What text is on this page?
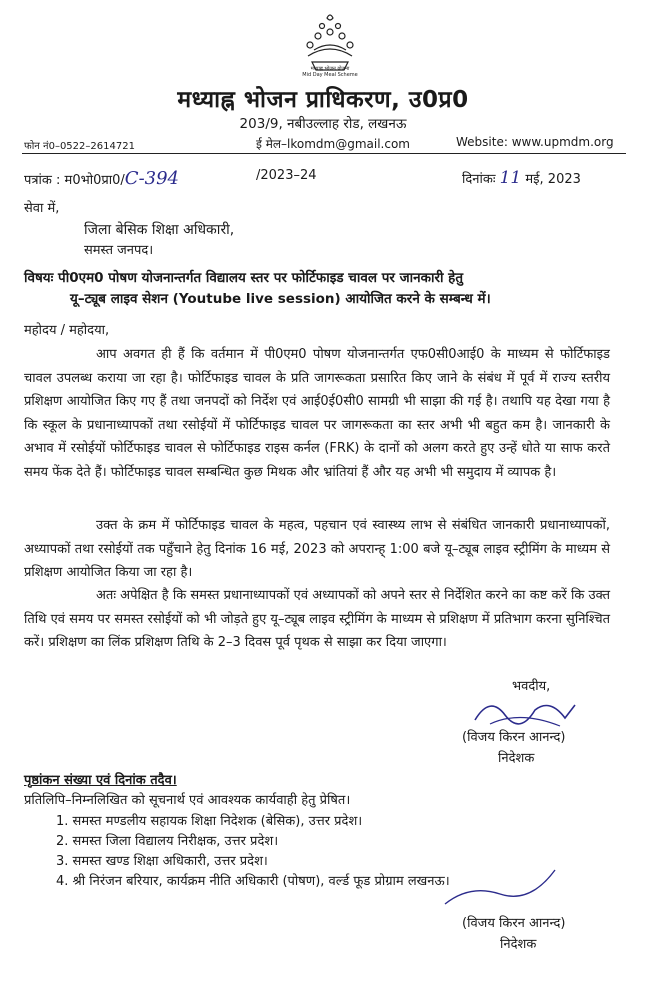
मध्याह्न भोजन योजना
Mid Day Meal Scheme
मध्याह्न भोजन प्राधिकरण, उ0प्र0
203/9, नबीउल्लाह रोड, लखनऊ
फोन नं0–0522–2614721	ई मेल–lkomdm@gmail.com	Website: www.upmdm.org
पत्रांक : म0भो0प्रा0/C-394	/2023–24	दिनांकः 11 मई, 2023
सेवा में,
जिला बेसिक शिक्षा अधिकारी,
समस्त जनपद।
विषयः पी0एम0 पोषण योजनान्तर्गत विद्यालय स्तर पर फोर्टिफाइड चावल पर जानकारी हेतु
यू–ट्यूब लाइव सेशन (Youtube live session) आयोजित करने के सम्बन्ध में।
महोदय / महोदया,
आप अवगत ही हैं कि वर्तमान में पी0एम0 पोषण योजनान्तर्गत एफ0सी0आई0 के माध्यम से फोर्टिफाइड चावल उपलब्ध कराया जा रहा है। फोर्टिफाइड चावल के प्रति जागरूकता प्रसारित किए जाने के संबंध में पूर्व में राज्य स्तरीय प्रशिक्षण आयोजित किए गए हैं तथा जनपदों को निर्देश एवं आई0ई0सी0 सामग्री भी साझा की गई है। तथापि यह देखा गया है कि स्कूल के प्रधानाध्यापकों तथा रसोईयों में फोर्टिफाइड चावल पर जागरूकता का स्तर अभी भी बहुत कम है। जानकारी के अभाव में रसोईयों फोर्टिफाइड चावल से फोर्टिफाइड राइस कर्नल (FRK) के दानों को अलग करते हुए उन्हें धोते या साफ करते समय फेंक देते हैं। फोर्टिफाइड चावल सम्बन्धित कुछ मिथक और भ्रांतियां हैं और यह अभी भी समुदाय में व्यापक है।
उक्त के क्रम में फोर्टिफाइड चावल के महत्व, पहचान एवं स्वास्थ्य लाभ से संबंधित जानकारी प्रधानाध्यापकों, अध्यापकों तथा रसोईयों तक पहुँचाने हेतु दिनांक 16 मई, 2023 को अपरान्ह् 1:00 बजे यू–ट्यूब लाइव स्ट्रीमिंग के माध्यम से प्रशिक्षण आयोजित किया जा रहा है।
अतः अपेक्षित है कि समस्त प्रधानाध्यापकों एवं अध्यापकों को अपने स्तर से निर्देशित करने का कष्ट करें कि उक्त तिथि एवं समय पर समस्त रसोईयों को भी जोड़ते हुए यू–ट्यूब लाइव स्ट्रीमिंग के माध्यम से प्रशिक्षण में प्रतिभाग करना सुनिश्चित करें। प्रशिक्षण का लिंक प्रशिक्षण तिथि के 2–3 दिवस पूर्व पृथक से साझा कर दिया जाएगा।
भवदीय,
(विजय किरन आनन्द)
निदेशक
पृष्ठांकन संख्या एवं दिनांक तदैव।
प्रतिलिपि–निम्नलिखित को सूचनार्थ एवं आवश्यक कार्यवाही हेतु प्रेषित।
1. समस्त मण्डलीय सहायक शिक्षा निदेशक (बेसिक), उत्तर प्रदेश।
2. समस्त जिला विद्यालय निरीक्षक, उत्तर प्रदेश।
3. समस्त खण्ड शिक्षा अधिकारी, उत्तर प्रदेश।
4. श्री निरंजन बरियार, कार्यक्रम नीति अधिकारी (पोषण), वर्ल्ड फूड प्रोग्राम लखनऊ।
(विजय किरन आनन्द)
निदेशक
